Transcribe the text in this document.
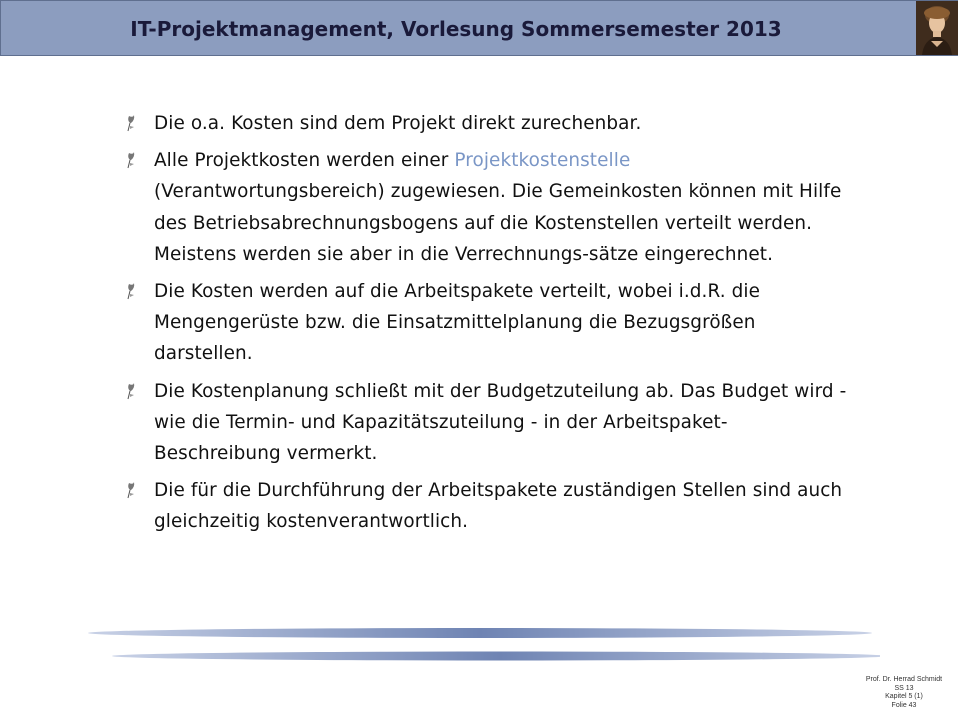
IT-Projektmanagement, Vorlesung Sommersemester 2013
Die o.a. Kosten sind dem Projekt direkt zurechenbar.
Alle Projektkosten werden einer Projektkostenstelle (Verantwortungsbereich) zugewiesen. Die Gemeinkosten können mit Hilfe des Betriebsabrechnungsbogens auf die Kostenstellen verteilt werden. Meistens werden sie aber in die Verrechnungs-sätze eingerechnet.
Die Kosten werden auf die Arbeitspakete verteilt, wobei i.d.R. die Mengengerüste bzw. die Einsatzmittelplanung die Bezugsgrößen darstellen.
Die Kostenplanung schließt mit der Budgetzuteilung ab. Das Budget wird - wie die Termin- und Kapazitätszuteilung - in der Arbeitspaket-Beschreibung vermerkt.
Die für die Durchführung der Arbeitspakete zuständigen Stellen sind auch gleichzeitig kostenverantwortlich.
Prof. Dr. Herrad Schmidt
SS 13
Kapitel 5 (1)
Folie 43
